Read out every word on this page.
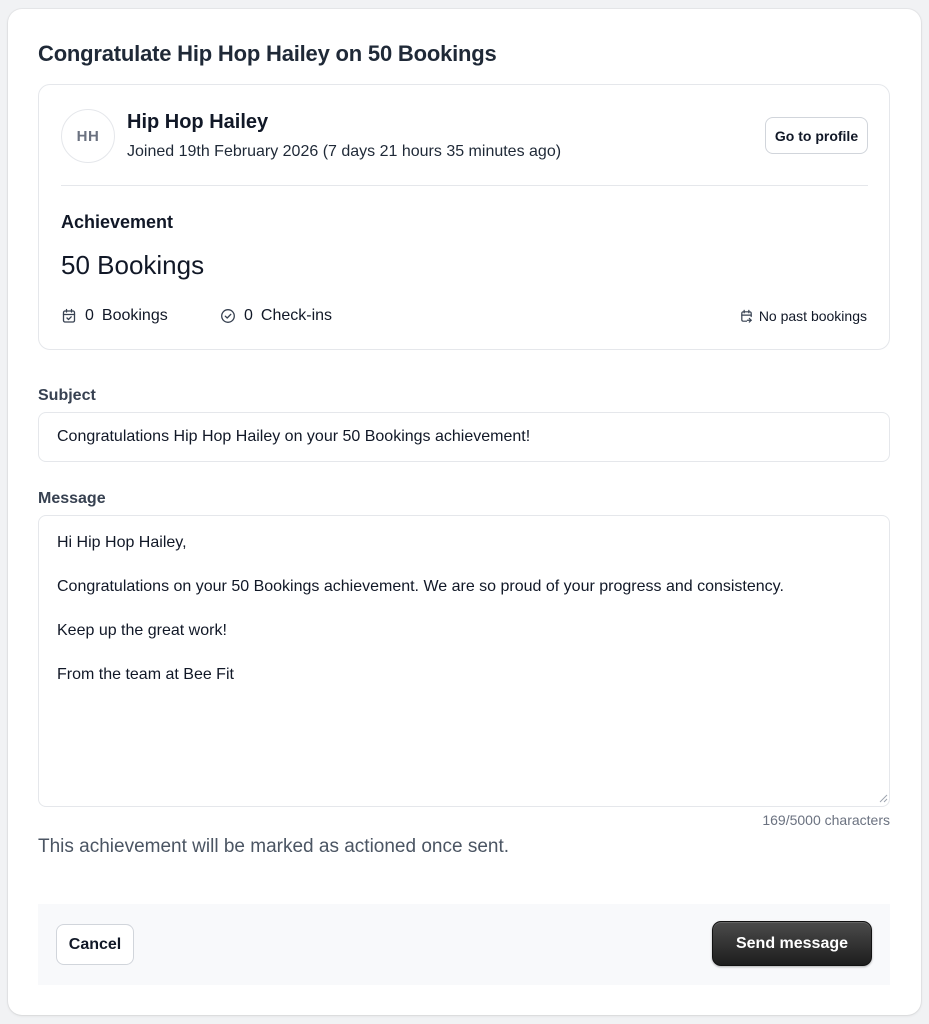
Congratulate Hip Hop Hailey on 50 Bookings
HH
Hip Hop Hailey
Joined 19th February 2026 (7 days 21 hours 35 minutes ago)
Go to profile
Achievement
50 Bookings
0 Bookings	0 Check-ins	No past bookings
Subject
Congratulations Hip Hop Hailey on your 50 Bookings achievement!
Message
Hi Hip Hop Hailey, Congratulations on your 50 Bookings achievement. We are so proud of your progress and consistency. Keep up the great work! From the team at Bee Fit
169/5000 characters
This achievement will be marked as actioned once sent.
Cancel	Send message
